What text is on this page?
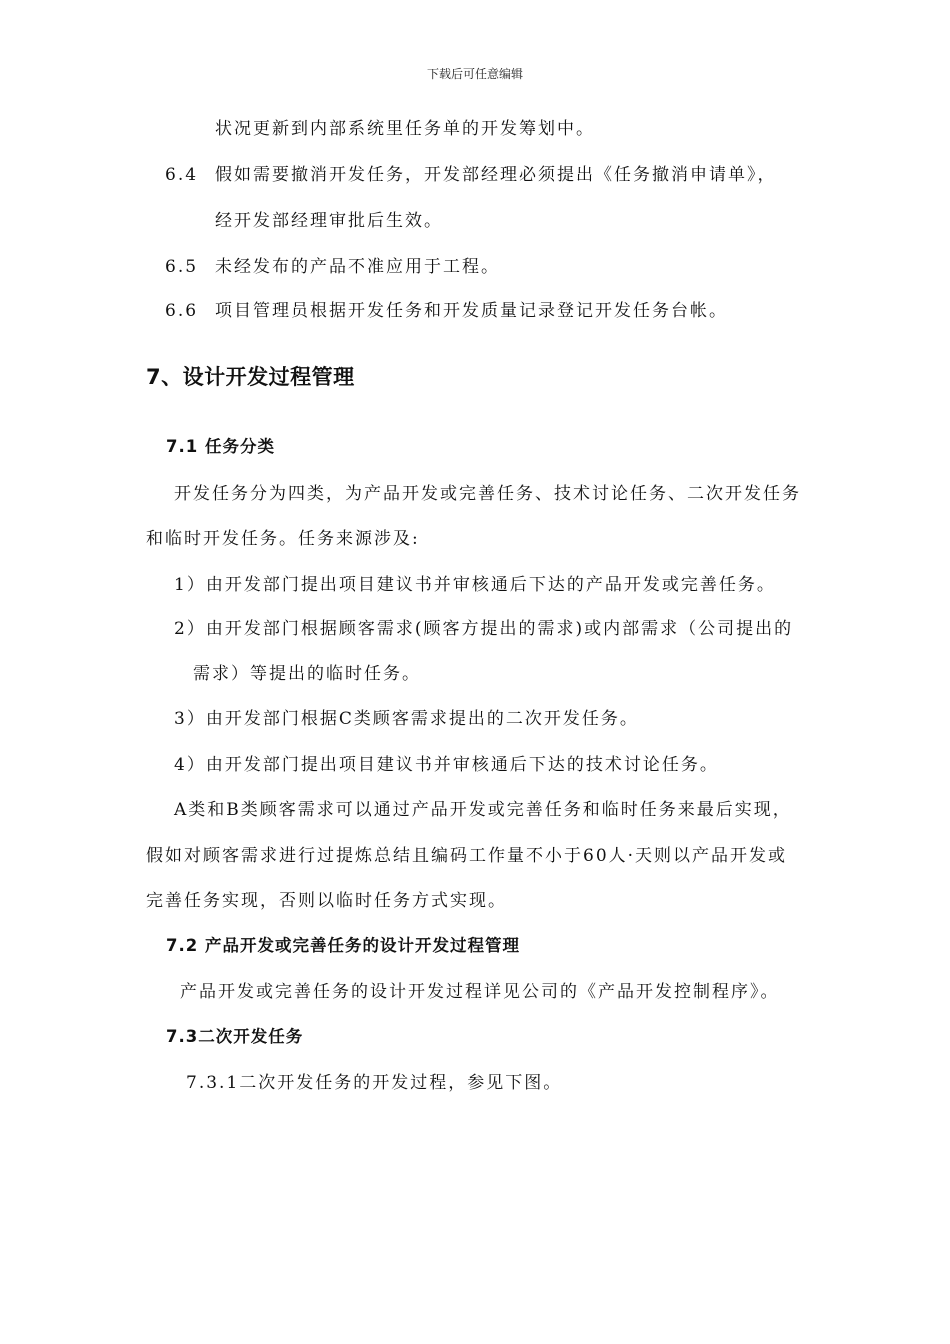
下载后可任意编辑
状况更新到内部系统里任务单的开发筹划中。
6.4 假如需要撤消开发任务，开发部经理必须提出《任务撤消申请单》，
经开发部经理审批后生效。
6.5 未经发布的产品不准应用于工程。
6.6 项目管理员根据开发任务和开发质量记录登记开发任务台帐。
7、设计开发过程管理
7.1 任务分类
开发任务分为四类，为产品开发或完善任务、技术讨论任务、二次开发任务
和临时开发任务。任务来源涉及:
1）由开发部门提出项目建议书并审核通后下达的产品开发或完善任务。
2）由开发部门根据顾客需求(顾客方提出的需求)或内部需求（公司提出的
需求）等提出的临时任务。
3）由开发部门根据C类顾客需求提出的二次开发任务。
4）由开发部门提出项目建议书并审核通后下达的技术讨论任务。
A类和B类顾客需求可以通过产品开发或完善任务和临时任务来最后实现，
假如对顾客需求进行过提炼总结且编码工作量不小于60人·天则以产品开发或
完善任务实现，否则以临时任务方式实现。
7.2 产品开发或完善任务的设计开发过程管理
产品开发或完善任务的设计开发过程详见公司的《产品开发控制程序》。
7.3二次开发任务
7.3.1二次开发任务的开发过程，参见下图。
